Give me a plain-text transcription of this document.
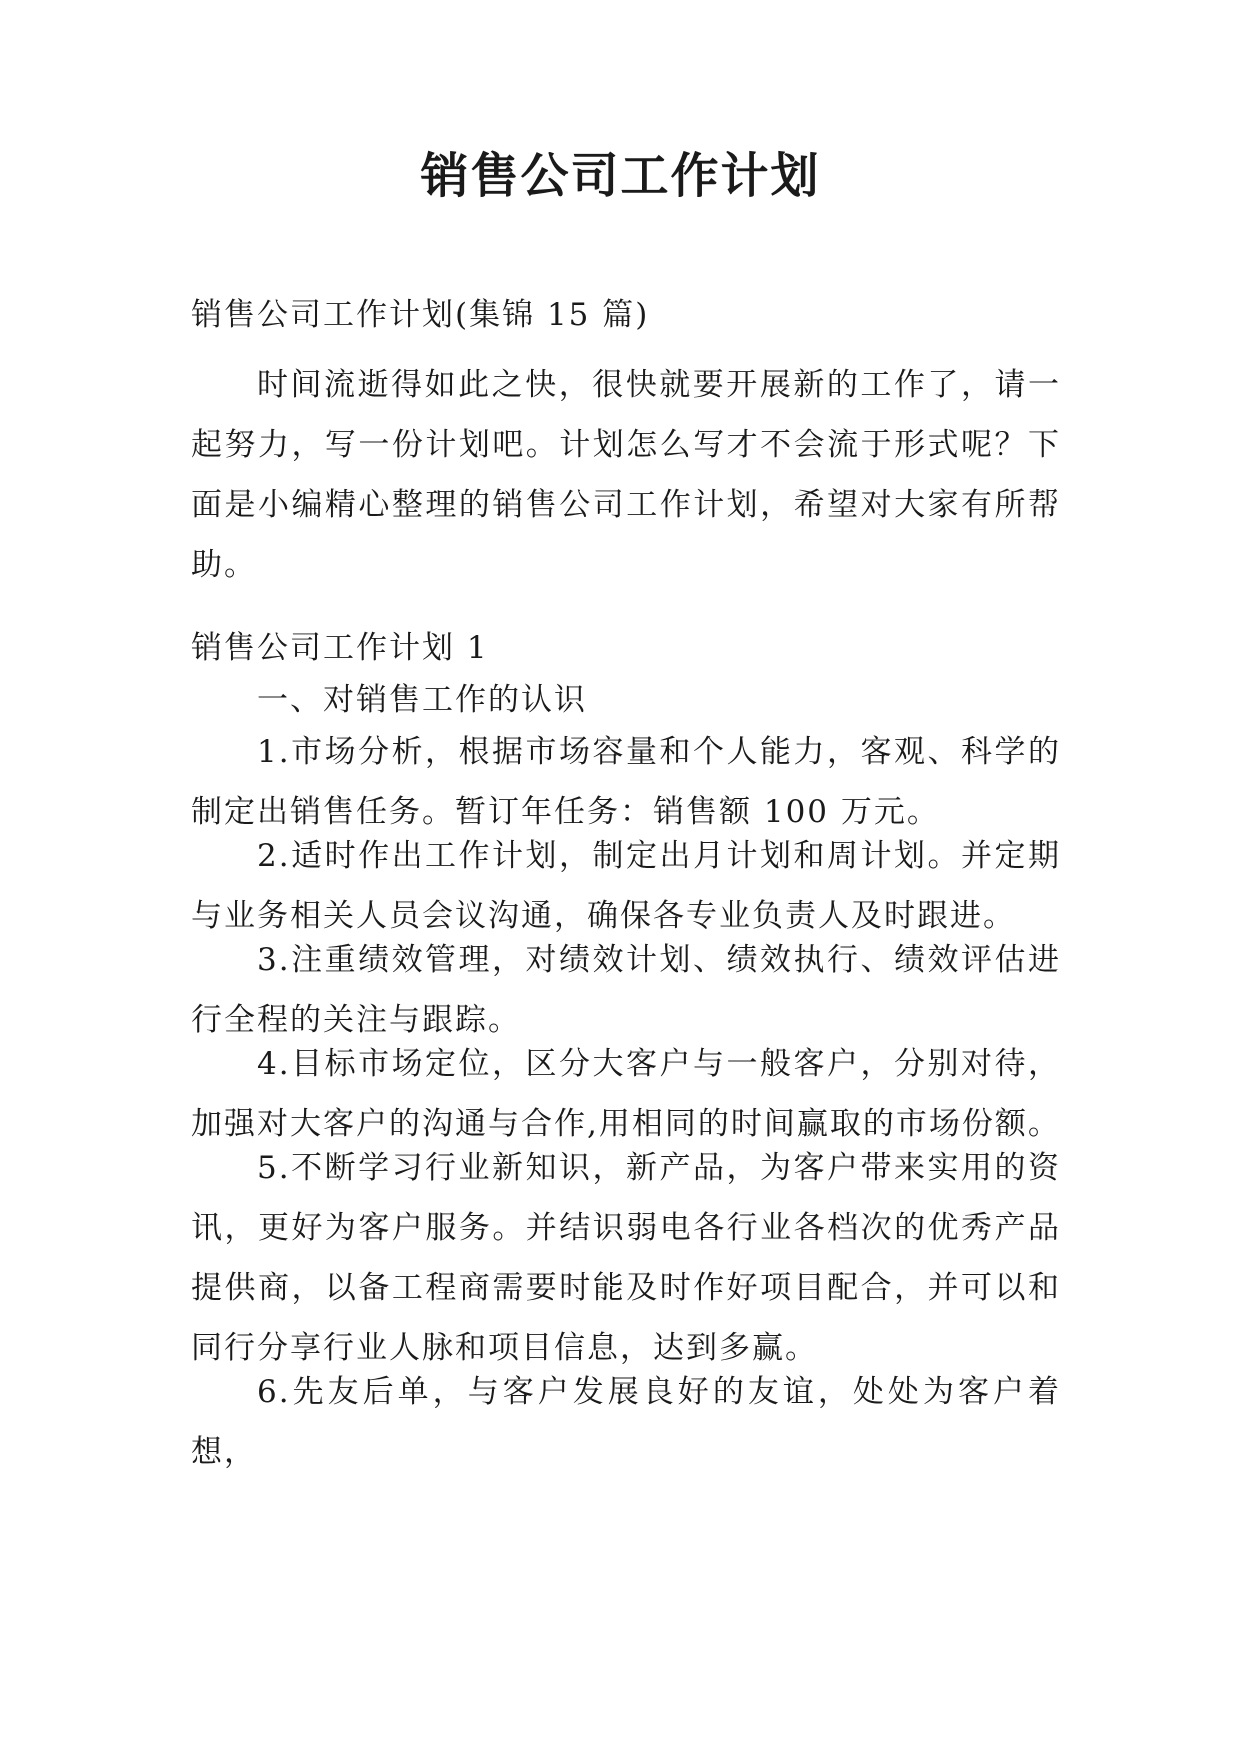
销售公司工作计划
销售公司工作计划(集锦 15 篇)

时间流逝得如此之快，很快就要开展新的工作了，请一起努力，写一份计划吧。计划怎么写才不会流于形式呢？下面是小编精心整理的销售公司工作计划，希望对大家有所帮助。

销售公司工作计划 1
一、对销售工作的认识

1.市场分析，根据市场容量和个人能力，客观、科学的制定出销售任务。暂订年任务：销售额 100 万元。

2.适时作出工作计划，制定出月计划和周计划。并定期与业务相关人员会议沟通，确保各专业负责人及时跟进。

3.注重绩效管理，对绩效计划、绩效执行、绩效评估进行全程的关注与跟踪。

4.目标市场定位，区分大客户与一般客户，分别对待，加强对大客户的沟通与合作,用相同的时间赢取的市场份额。

5.不断学习行业新知识，新产品，为客户带来实用的资讯，更好为客户服务。并结识弱电各行业各档次的优秀产品提供商，以备工程商需要时能及时作好项目配合，并可以和同行分享行业人脉和项目信息，达到多赢。

6.先友后单，与客户发展良好的友谊，处处为客户着想，
